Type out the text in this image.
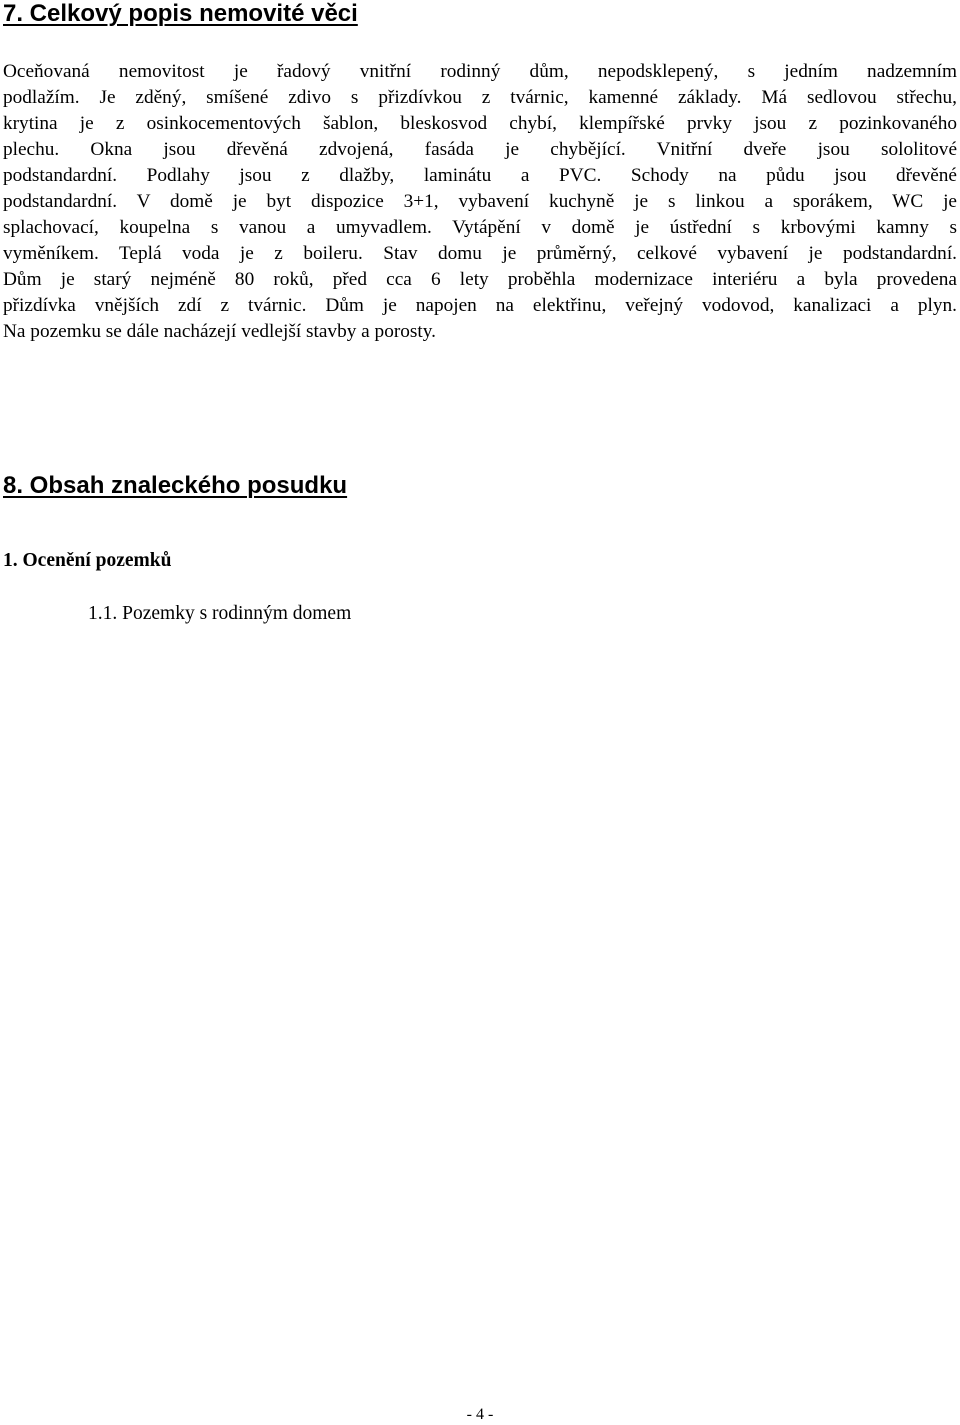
7. Celkový popis nemovité věci
Oceňovaná nemovitost je řadový vnitřní rodinný dům, nepodsklepený, s jedním nadzemním
podlažím. Je zděný, smíšené zdivo s přizdívkou z tvárnic, kamenné základy. Má sedlovou střechu,
krytina je z osinkocementových šablon, bleskosvod chybí, klempířské prvky jsou z pozinkovaného
plechu. Okna jsou dřevěná zdvojená, fasáda je chybějící. Vnitřní dveře jsou sololitové
podstandardní. Podlahy jsou z dlažby, laminátu a PVC. Schody na půdu jsou dřevěné
podstandardní. V domě je byt dispozice 3+1, vybavení kuchyně je s linkou a sporákem, WC je
splachovací, koupelna s vanou a umyvadlem. Vytápění v domě je ústřední s krbovými kamny s
vyměníkem. Teplá voda je z boileru. Stav domu je průměrný, celkové vybavení je podstandardní.
Dům je starý nejméně 80 roků, před cca 6 lety proběhla modernizace interiéru a byla provedena
přizdívka vnějších zdí z tvárnic. Dům je napojen na elektřinu, veřejný vodovod, kanalizaci a plyn.
Na pozemku se dále nacházejí vedlejší stavby a porosty.
8. Obsah znaleckého posudku
1. Ocenění pozemků
1.1. Pozemky s rodinným domem
- 4 -
